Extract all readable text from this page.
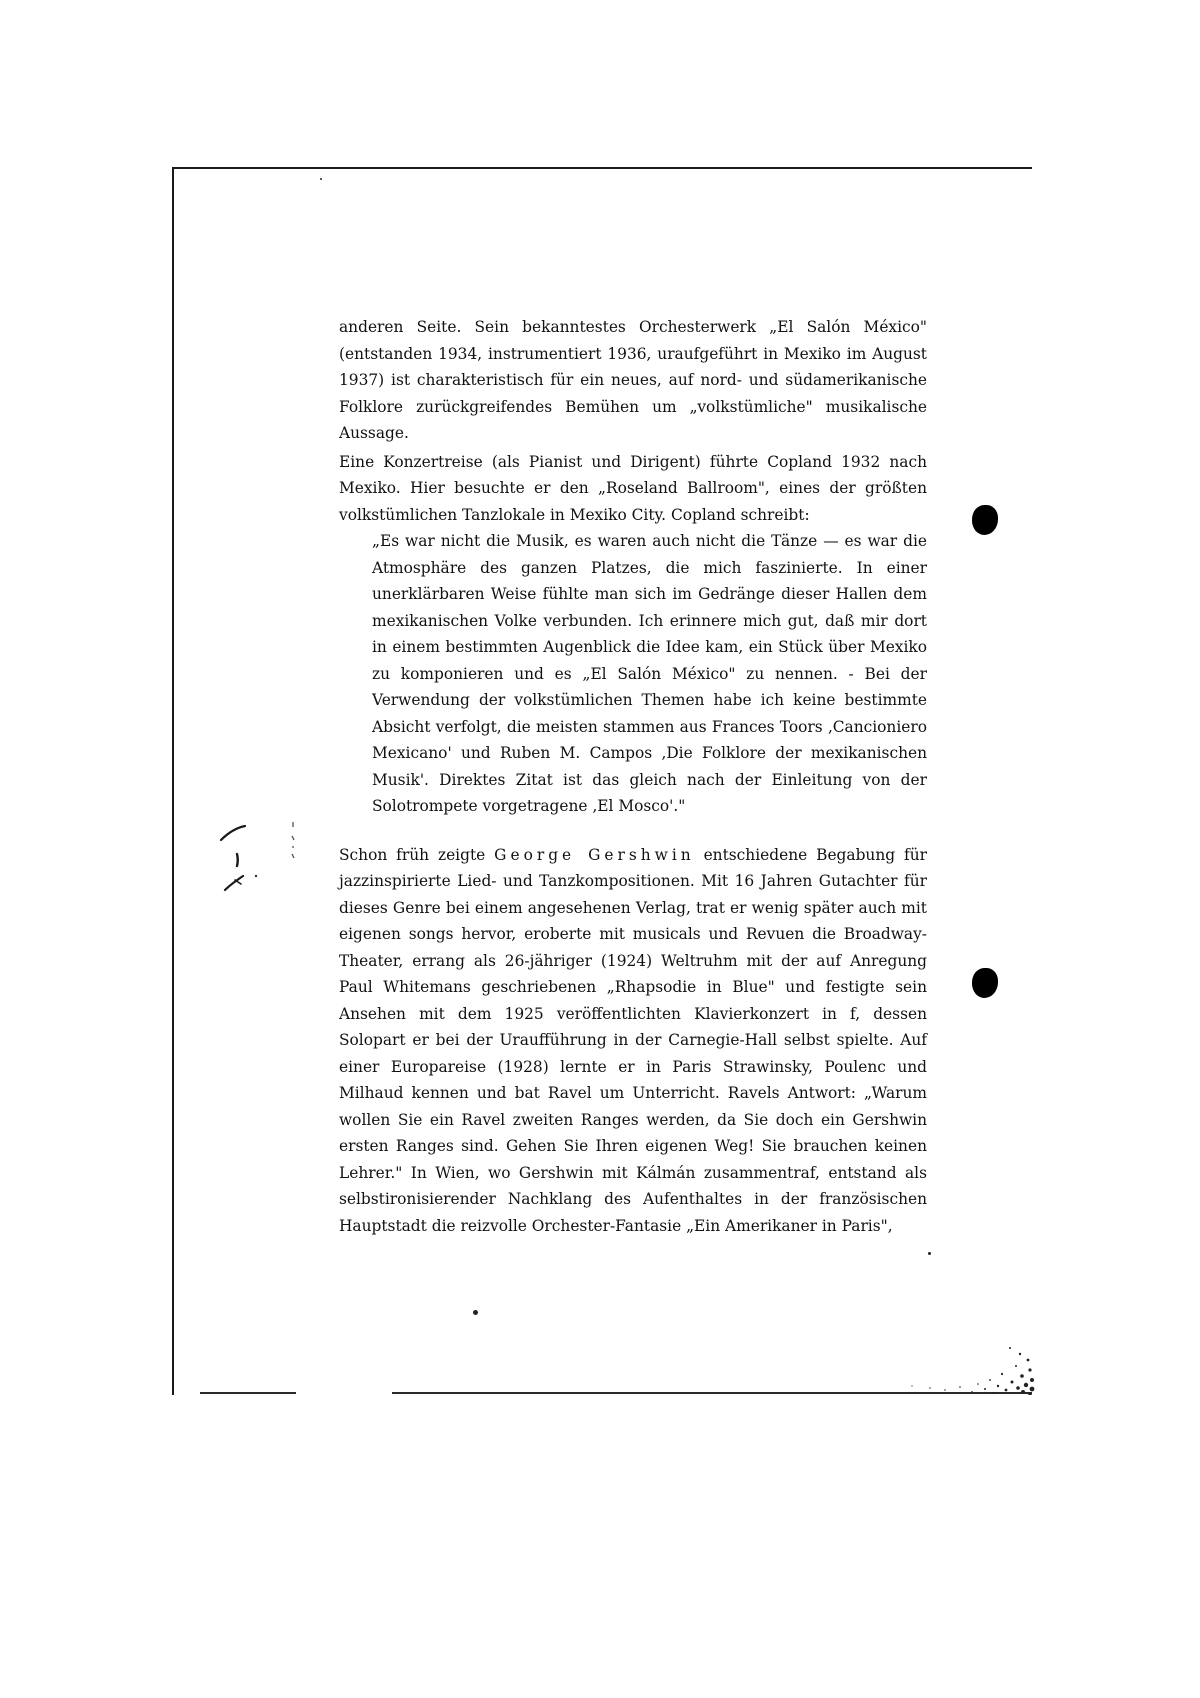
anderen Seite. Sein bekanntestes Orchesterwerk „El Salón México" (entstanden 1934, instrumentiert 1936, uraufgeführt in Mexiko im August 1937) ist charakteristisch für ein neues, auf nord- und südamerikanische Folklore zurückgreifendes Bemühen um „volkstümliche" musikalische Aussage.

Eine Konzertreise (als Pianist und Dirigent) führte Copland 1932 nach Mexiko. Hier besuchte er den „Roseland Ballroom", eines der größten volkstümlichen Tanzlokale in Mexiko City. Copland schreibt:

„Es war nicht die Musik, es waren auch nicht die Tänze — es war die Atmosphäre des ganzen Platzes, die mich faszinierte. In einer unerklärbaren Weise fühlte man sich im Gedränge dieser Hallen dem mexikanischen Volke verbunden. Ich erinnere mich gut, daß mir dort in einem bestimmten Augenblick die Idee kam, ein Stück über Mexiko zu komponieren und es „El Salón México" zu nennen. - Bei der Verwendung der volkstümlichen Themen habe ich keine bestimmte Absicht verfolgt, die meisten stammen aus Frances Toors ‚Cancioniero Mexicano' und Ruben M. Campos ‚Die Folklore der mexikanischen Musik'. Direktes Zitat ist das gleich nach der Einleitung von der Solotrompete vorgetragene ‚El Mosco'."

Schon früh zeigte George Gershwin entschiedene Begabung für jazzinspirierte Lied- und Tanzkompositionen. Mit 16 Jahren Gutachter für dieses Genre bei einem angesehenen Verlag, trat er wenig später auch mit eigenen songs hervor, eroberte mit musicals und Revuen die Broadway-Theater, errang als 26-jähriger (1924) Weltruhm mit der auf Anregung Paul Whitemans geschriebenen „Rhapsodie in Blue" und festigte sein Ansehen mit dem 1925 veröffentlichten Klavierkonzert in f, dessen Solopart er bei der Uraufführung in der Carnegie-Hall selbst spielte. Auf einer Europareise (1928) lernte er in Paris Strawinsky, Poulenc und Milhaud kennen und bat Ravel um Unterricht. Ravels Antwort: „Warum wollen Sie ein Ravel zweiten Ranges werden, da Sie doch ein Gershwin ersten Ranges sind. Gehen Sie Ihren eigenen Weg! Sie brauchen keinen Lehrer." In Wien, wo Gershwin mit Kálmán zusammentraf, entstand als selbstironisierender Nachklang des Aufenthaltes in der französischen Hauptstadt die reizvolle Orchester-Fantasie „Ein Amerikaner in Paris",
